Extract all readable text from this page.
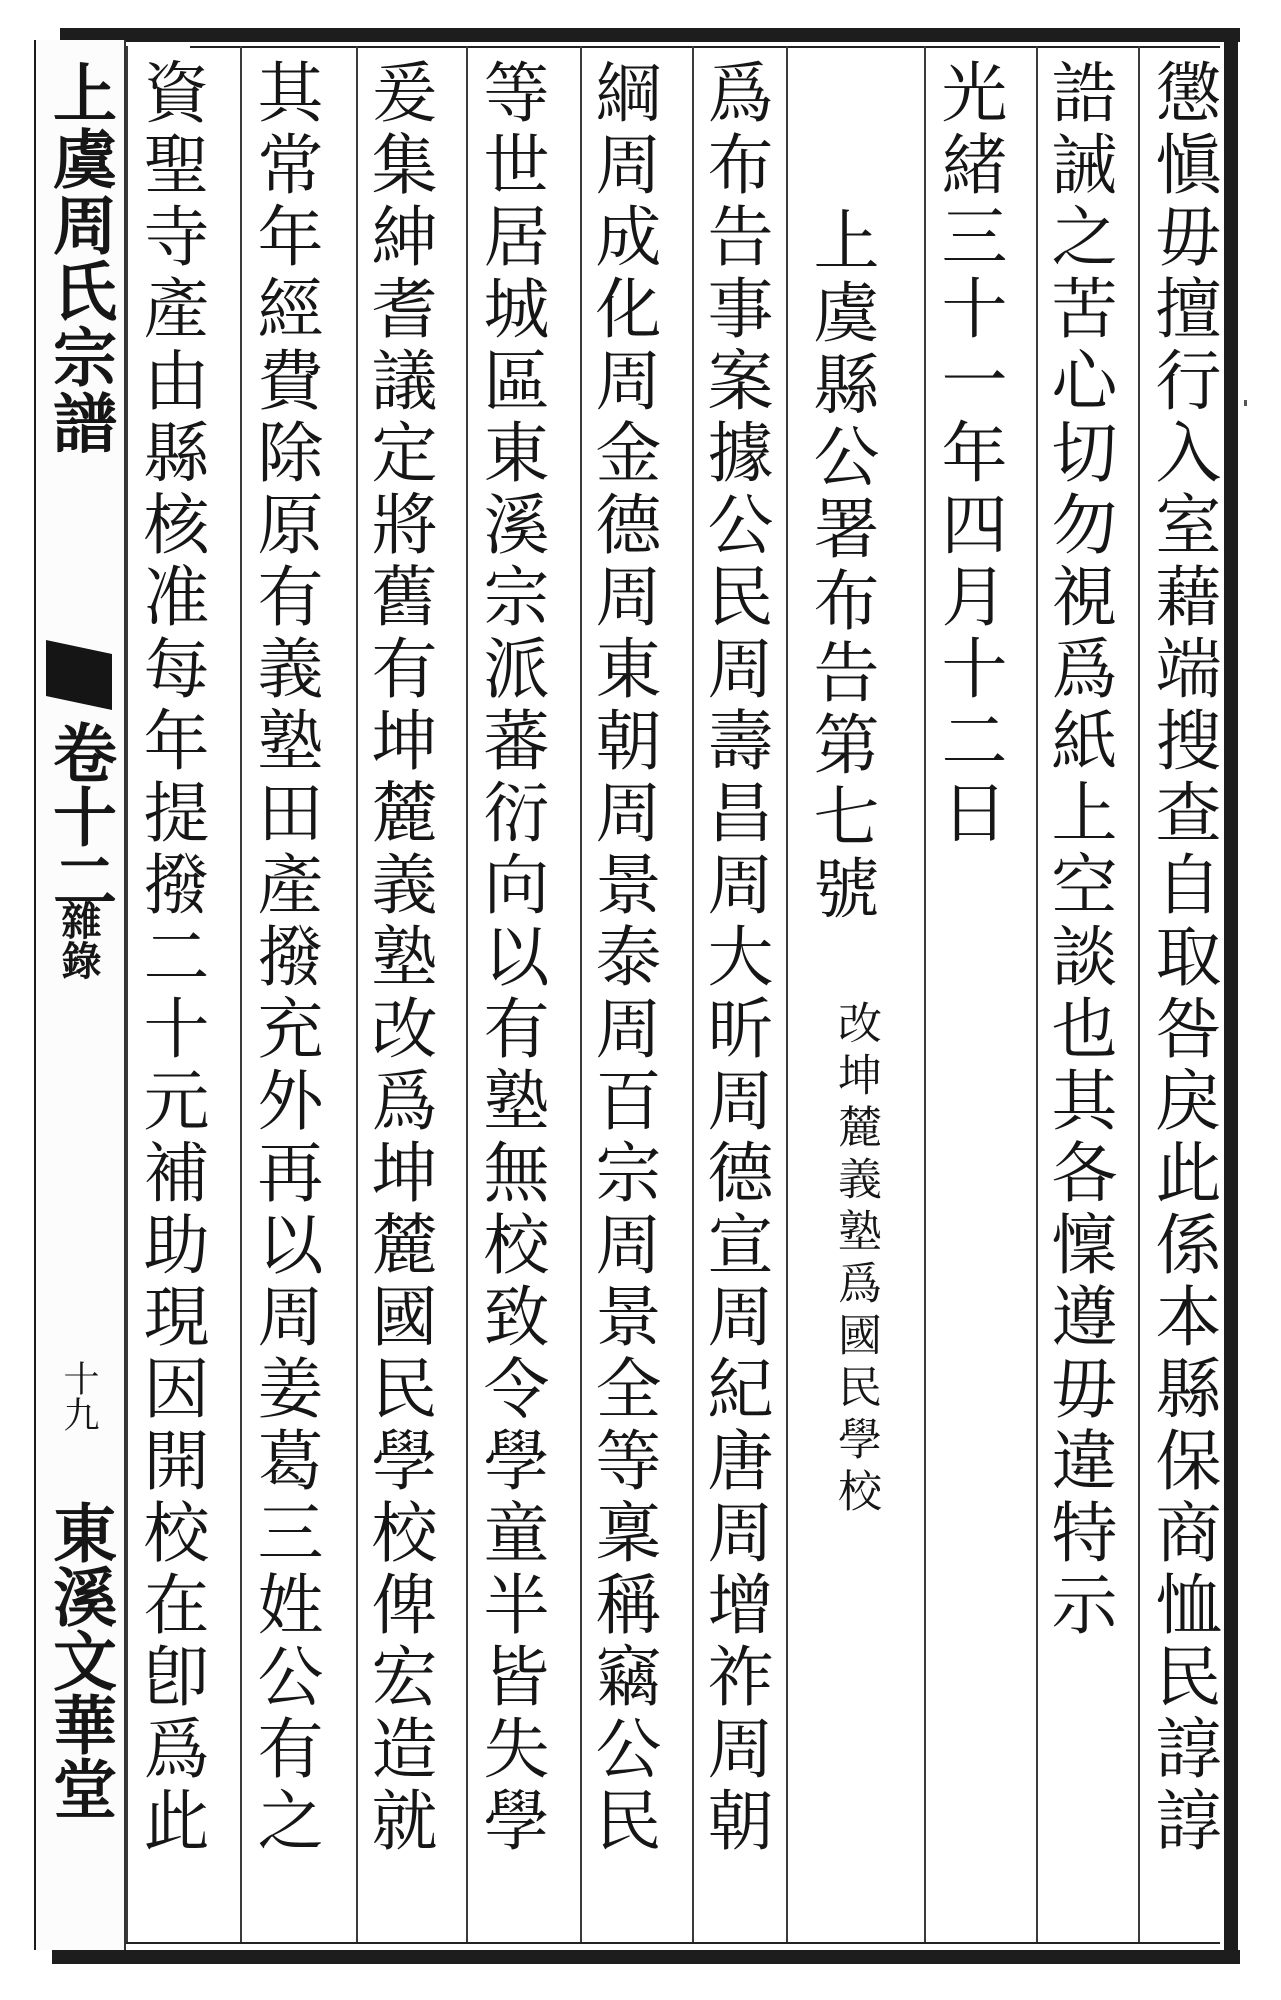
上虞周氏宗譜
卷十二
雜錄
十九
東溪文華堂	懲愼毋擅行入室藉端搜查自取咎戾此係本縣保商恤民諄諄
誥誡之苦心切勿視爲紙上空談也其各懍遵毋違特示
光緒三十一年四月十二日
上虞縣公署布告第七號
改坤麓義塾爲國民學校
爲布告事案據公民周壽昌周大昕周德宣周紀唐周增祚周朝
綱周成化周金德周東朝周景泰周百宗周景全等稟稱竊公民
等世居城區東溪宗派蕃衍向以有塾無校致令學童半皆失學
爰集紳耆議定將舊有坤麓義塾改爲坤麓國民學校俾宏造就
其常年經費除原有義塾田產撥充外再以周姜葛三姓公有之
資聖寺產由縣核准每年提撥二十元補助現因開校在卽爲此
